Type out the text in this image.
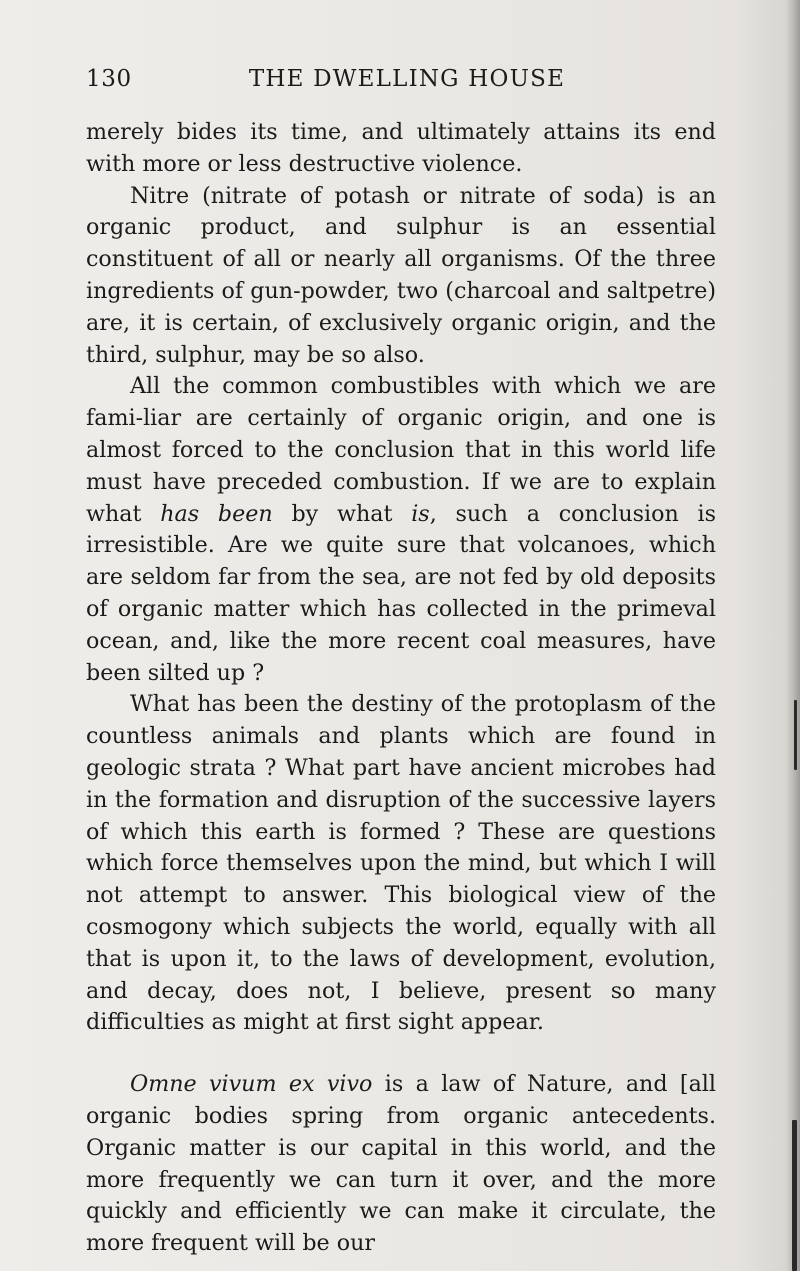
130	THE DWELLING HOUSE

merely bides its time, and ultimately attains its end with more or less destructive violence.

Nitre (nitrate of potash or nitrate of soda) is an organic product, and sulphur is an essential constituent of all or nearly all organisms. Of the three ingredients of gun-powder, two (charcoal and saltpetre) are, it is certain, of exclusively organic origin, and the third, sulphur, may be so also.

All the common combustibles with which we are fami-liar are certainly of organic origin, and one is almost forced to the conclusion that in this world life must have preceded combustion. If we are to explain what has been by what is, such a conclusion is irresistible. Are we quite sure that volcanoes, which are seldom far from the sea, are not fed by old deposits of organic matter which has collected in the primeval ocean, and, like the more recent coal measures, have been silted up ?

What has been the destiny of the protoplasm of the countless animals and plants which are found in geologic strata ? What part have ancient microbes had in the formation and disruption of the successive layers of which this earth is formed ? These are questions which force themselves upon the mind, but which I will not attempt to answer. This biological view of the cosmogony which subjects the world, equally with all that is upon it, to the laws of development, evolution, and decay, does not, I believe, present so many difficulties as might at first sight appear.

Omne vivum ex vivo is a law of Nature, and [all organic bodies spring from organic antecedents. Organic matter is our capital in this world, and the more frequently we can turn it over, and the more quickly and efficiently we can make it circulate, the more frequent will be our
